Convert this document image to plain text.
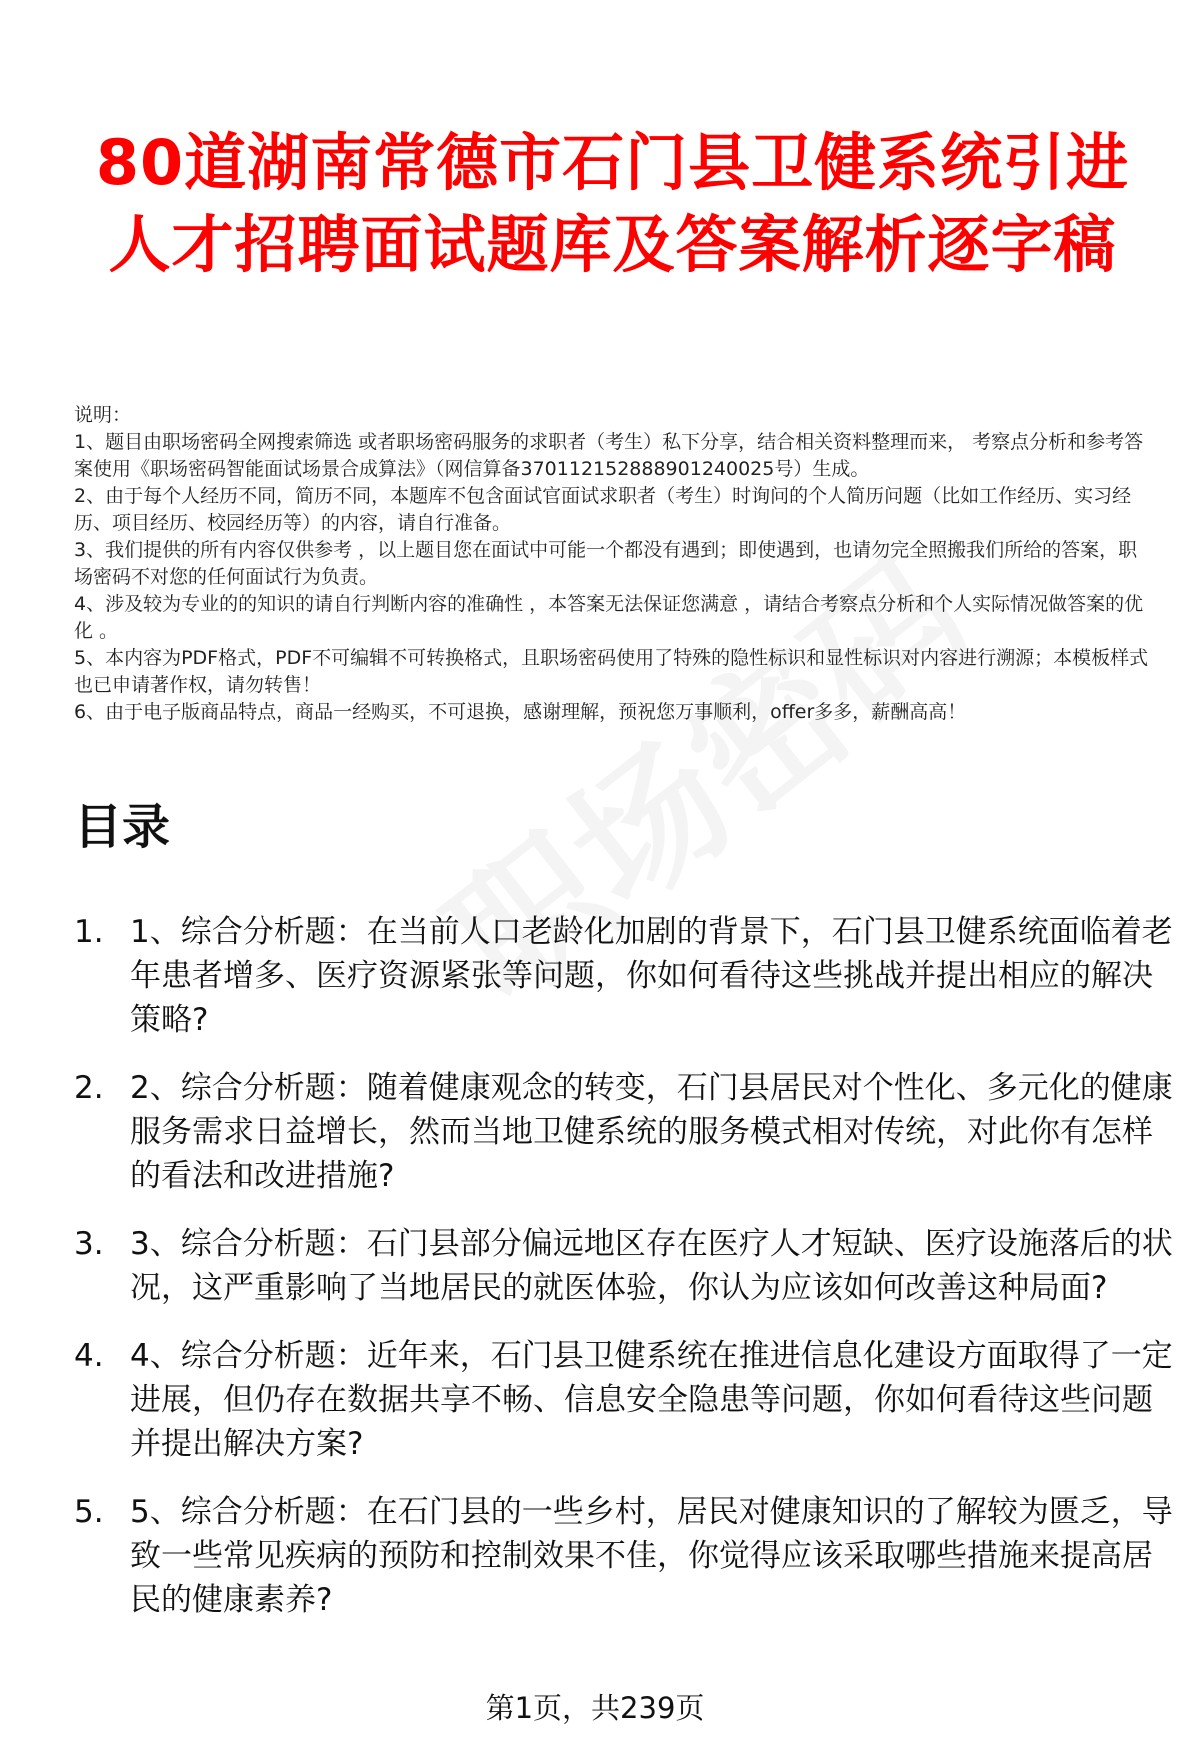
80道湖南常德市石门县卫健系统引进人才招聘面试题库及答案解析逐字稿

说明：

1、题目由职场密码全网搜索筛选 或者职场密码服务的求职者（考生）私下分享，结合相关资料整理而来， 考察点分析和参考答案使用《职场密码智能面试场景合成算法》（网信算备370112152888901240025号）生成。

2、由于每个人经历不同，简历不同，本题库不包含面试官面试求职者（考生）时询问的个人简历问题（比如工作经历、实习经历、项目经历、校园经历等）的内容，请自行准备。

3、我们提供的所有内容仅供参考 ，以上题目您在面试中可能一个都没有遇到；即使遇到，也请勿完全照搬我们所给的答案，职场密码不对您的任何面试行为负责。

4、涉及较为专业的的知识的请自行判断内容的准确性 ，本答案无法保证您满意 ，请结合考察点分析和个人实际情况做答案的优化 。

5、本内容为PDF格式，PDF不可编辑不可转换格式，且职场密码使用了特殊的隐性标识和显性标识对内容进行溯源；本模板样式也已申请著作权，请勿转售！

6、由于电子版商品特点，商品一经购买，不可退换，感谢理解，预祝您万事顺利，offer多多，薪酬高高！

目录
1. 1、综合分析题：在当前人口老龄化加剧的背景下，石门县卫健系统面临着老年患者增多、医疗资源紧张等问题，你如何看待这些挑战并提出相应的解决策略?
2. 2、综合分析题：随着健康观念的转变，石门县居民对个性化、多元化的健康服务需求日益增长，然而当地卫健系统的服务模式相对传统，对此你有怎样的看法和改进措施?
3. 3、综合分析题：石门县部分偏远地区存在医疗人才短缺、医疗设施落后的状况，这严重影响了当地居民的就医体验，你认为应该如何改善这种局面?
4. 4、综合分析题：近年来，石门县卫健系统在推进信息化建设方面取得了一定进展，但仍存在数据共享不畅、信息安全隐患等问题，你如何看待这些问题并提出解决方案?
5. 5、综合分析题：在石门县的一些乡村，居民对健康知识的了解较为匮乏，导致一些常见疾病的预防和控制效果不佳，你觉得应该采取哪些措施来提高居民的健康素养?
第1页，共239页
